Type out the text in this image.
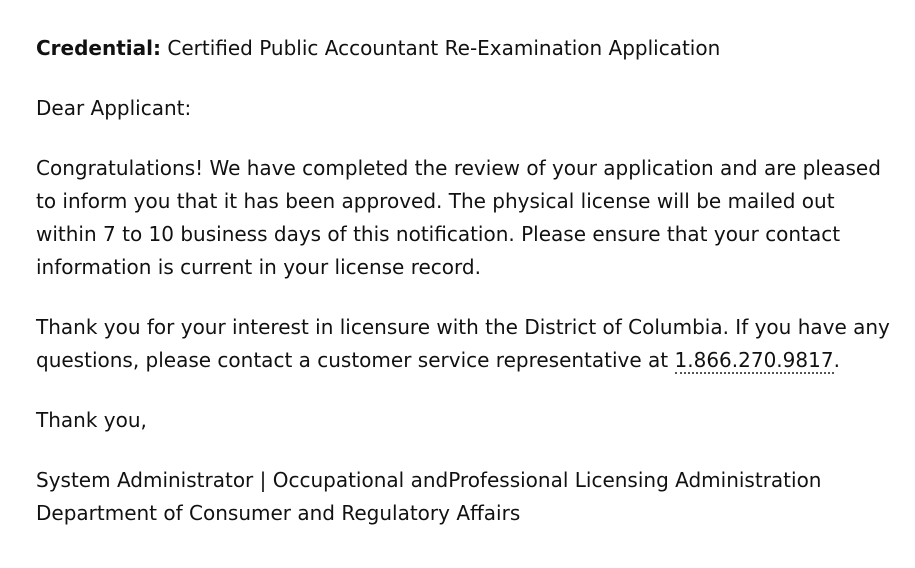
Credential: Certified Public Accountant Re-Examination Application

Dear Applicant:

Congratulations! We have completed the review of your application and are pleased to inform you that it has been approved. The physical license will be mailed out within 7 to 10 business days of this notification. Please ensure that your contact information is current in your license record.

Thank you for your interest in licensure with the District of Columbia. If you have any questions, please contact a customer service representative at 1.866.270.9817.

Thank you,

System Administrator | Occupational andProfessional Licensing Administration
Department of Consumer and Regulatory Affairs
